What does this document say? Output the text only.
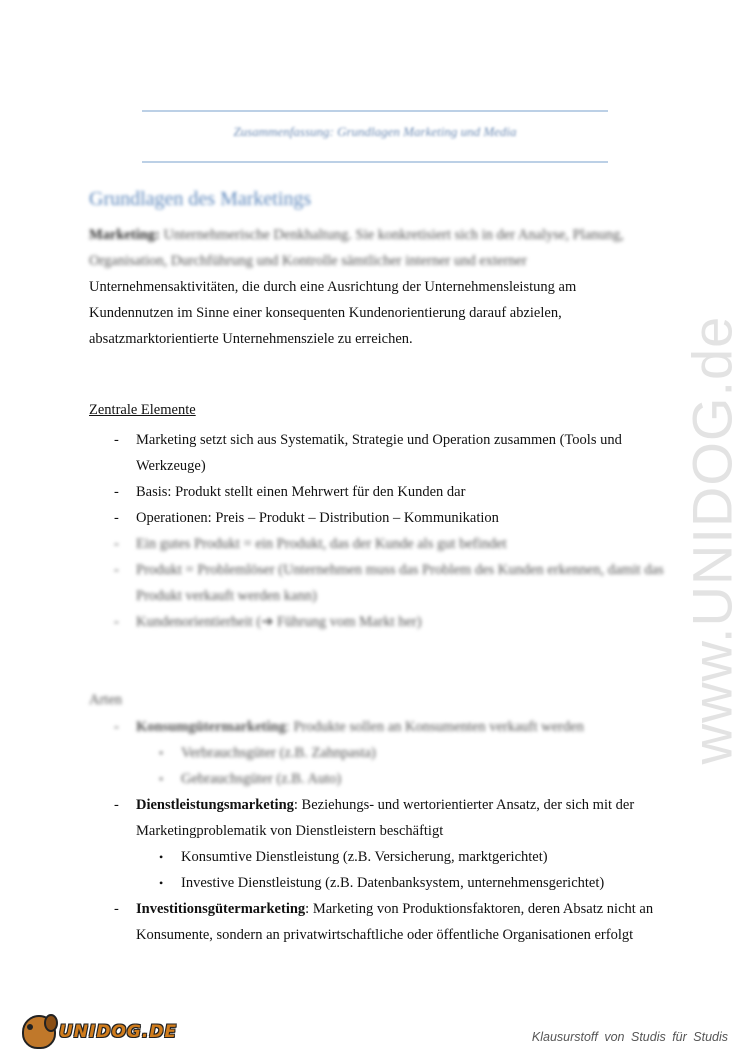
Zusammenfassung: Grundlagen Marketing und Media
Grundlagen des Marketings
Marketing: Unternehmerische Denkhaltung. Sie konkretisiert sich in der Analyse, Planung,
Organisation, Durchführung und Kontrolle sämtlicher interner und externer
Unternehmensaktivitäten, die durch eine Ausrichtung der Unternehmensleistung am
Kundennutzen im Sinne einer konsequenten Kundenorientierung darauf abzielen,
absatzmarktorientierte Unternehmensziele zu erreichen.
Zentrale Elemente
- Marketing setzt sich aus Systematik, Strategie und Operation zusammen (Tools und Werkzeuge)
- Basis: Produkt stellt einen Mehrwert für den Kunden dar
- Operationen: Preis – Produkt – Distribution – Kommunikation
- Ein gutes Produkt = ein Produkt, das der Kunde als gut befindet
- Produkt = Problemlöser (Unternehmen muss das Problem des Kunden erkennen, damit das Produkt verkauft werden kann)
- Kundenorientierheit (➔ Führung vom Markt her)
Arten
- Konsumgütermarketing: Produkte sollen an Konsumenten verkauft werden
• Verbrauchsgüter (z.B. Zahnpasta)
• Gebrauchsgüter (z.B. Auto)
- Dienstleistungsmarketing: Beziehungs- und wertorientierter Ansatz, der sich mit der Marketingproblematik von Dienstleistern beschäftigt
• Konsumtive Dienstleistung (z.B. Versicherung, marktgerichtet)
• Investive Dienstleistung (z.B. Datenbanksystem, unternehmensgerichtet)
- Investitionsgütermarketing: Marketing von Produktionsfaktoren, deren Absatz nicht an Konsumente, sondern an privatwirtschaftliche oder öffentliche Organisationen erfolgt
www.UNIDOG.de
UNIDOG.DE	Klausurstoff von Studis für Studis
